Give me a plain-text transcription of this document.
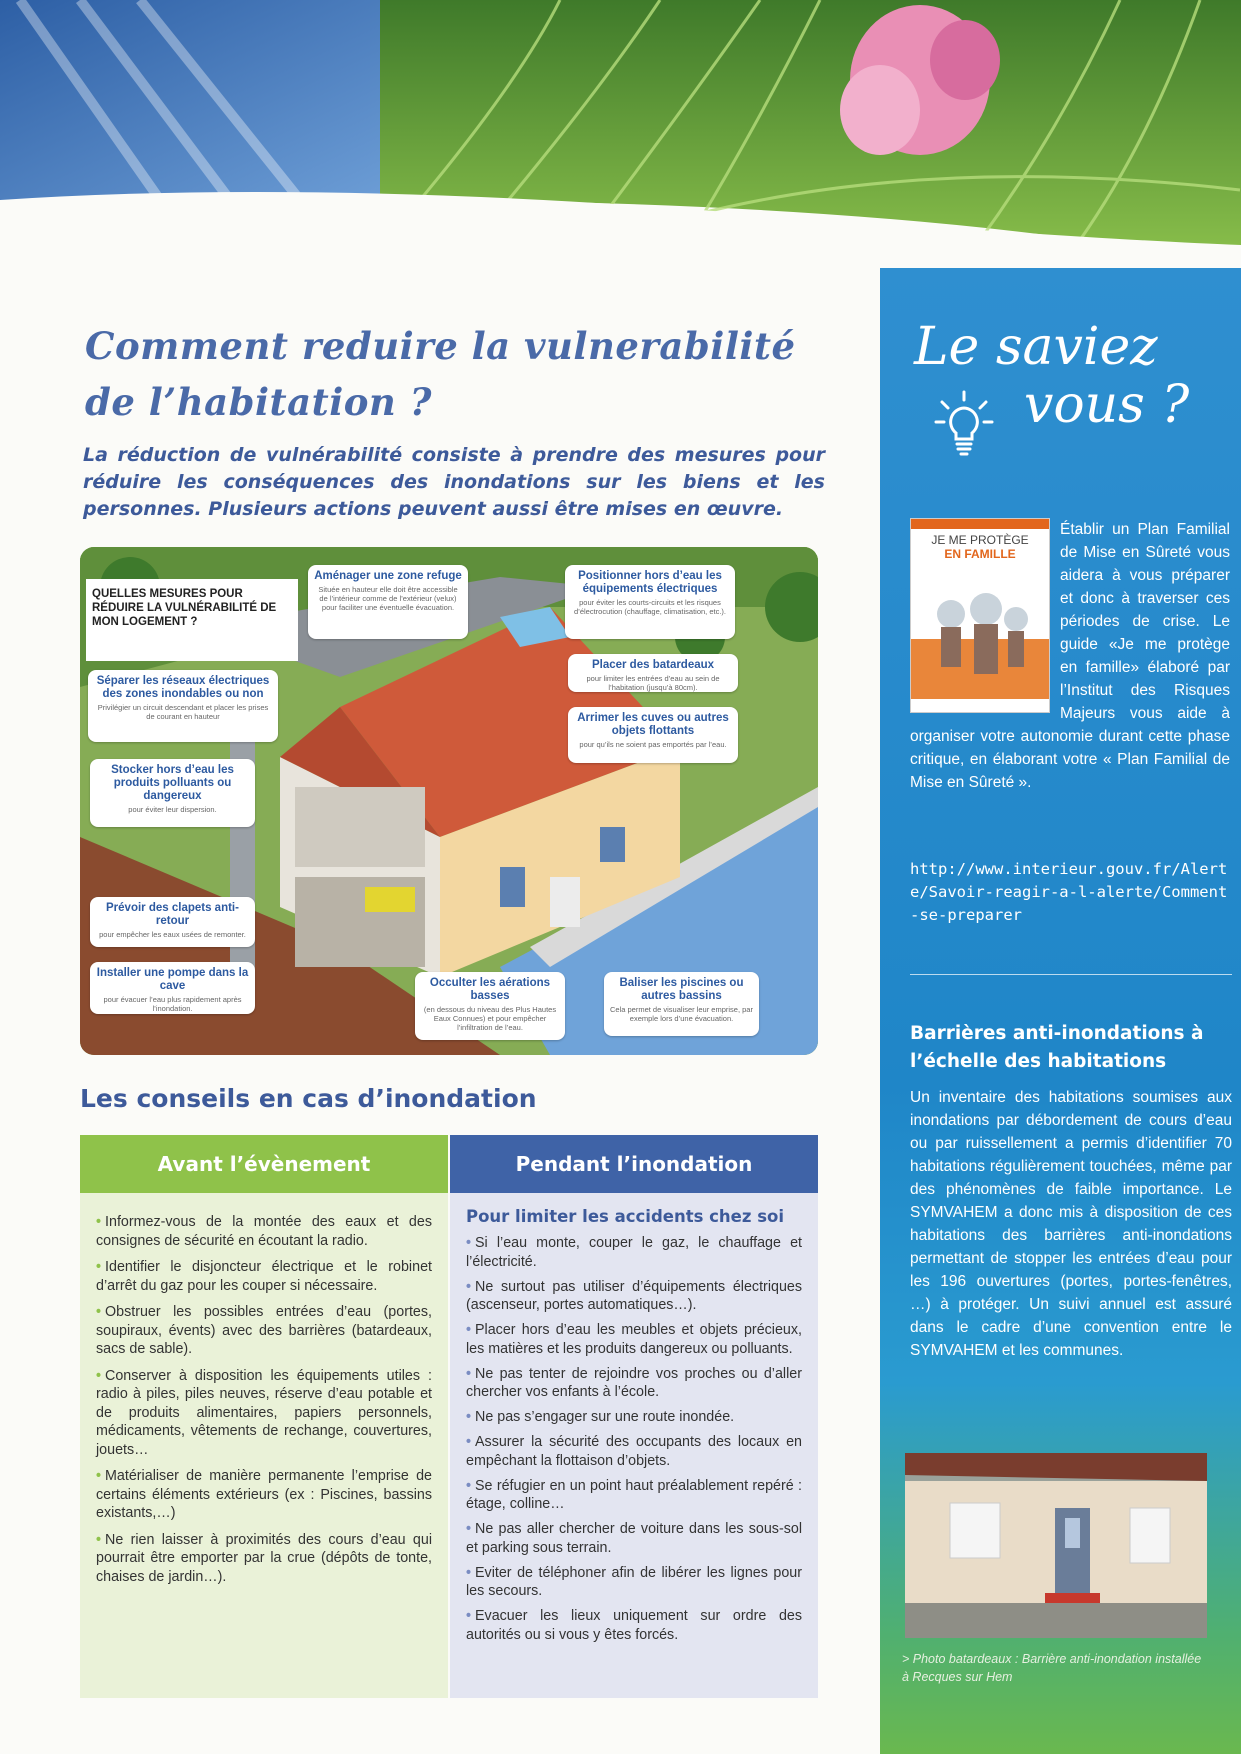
Comment reduire la vulnerabilité de l’habitation ?

La réduction de vulnérabilité consiste à prendre des mesures pour réduire les conséquences des inondations sur les biens et les personnes. Plusieurs actions peuvent aussi être mises en œuvre.

QUELLES MESURES POUR RÉDUIRE LA VULNÉRABILITÉ DE MON LOGEMENT ?
Aménager une zone refuge
Située en hauteur elle doit être accessible de l’intérieur comme de l’extérieur (velux) pour faciliter une éventuelle évacuation.
Positionner hors d’eau les équipements électriques
pour éviter les courts-circuits et les risques d’électrocution (chauffage, climatisation, etc.).
Séparer les réseaux électriques des zones inondables ou non
Privilégier un circuit descendant et placer les prises de courant en hauteur
Placer des batardeaux
pour limiter les entrées d’eau au sein de l’habitation (jusqu’à 80cm).
Arrimer les cuves ou autres objets flottants
pour qu’ils ne soient pas emportés par l’eau.
Stocker hors d’eau les produits polluants ou dangereux
pour éviter leur dispersion.
Prévoir des clapets anti-retour
pour empêcher les eaux usées de remonter.
Installer une pompe dans la cave
pour évacuer l’eau plus rapidement après l’inondation.
Occulter les aérations basses
(en dessous du niveau des Plus Hautes Eaux Connues) et pour empêcher l’infiltration de l’eau.
Baliser les piscines ou autres bassins
Cela permet de visualiser leur emprise, par exemple lors d’une évacuation.
Les conseils en cas d’inondation
Avant l’évènement	Pendant l’inondation
• Informez-vous de la montée des eaux et des consignes de sécurité en écoutant la radio.
• Identifier le disjoncteur électrique et le robinet d’arrêt du gaz pour les couper si nécessaire.
• Obstruer les possibles entrées d’eau (portes, soupiraux, évents) avec des barrières (batardeaux, sacs de sable).
• Conserver à disposition les équipements utiles : radio à piles, piles neuves, réserve d’eau potable et de produits alimentaires, papiers personnels, médicaments, vêtements de rechange, couvertures, jouets…
• Matérialiser de manière permanente l’emprise de certains éléments extérieurs (ex : Piscines, bassins existants,…)
• Ne rien laisser à proximités des cours d’eau qui pourrait être emporter par la crue (dépôts de tonte, chaises de jardin…).

Pour limiter les accidents chez soi

• Si l’eau monte, couper le gaz, le chauffage et l’électricité.
• Ne surtout pas utiliser d’équipements électriques (ascenseur, portes automatiques…).
• Placer hors d’eau les meubles et objets précieux, les matières et les produits dangereux ou polluants.
• Ne pas tenter de rejoindre vos proches ou d’aller chercher vos enfants à l’école.
• Ne pas s’engager sur une route inondée.
• Assurer la sécurité des occupants des locaux en empêchant la flottaison d’objets.
• Se réfugier en un point haut préalablement repéré : étage, colline…
• Ne pas aller chercher de voiture dans les sous-sol et parking sous terrain.
• Eviter de téléphoner afin de libérer les lignes pour les secours.
• Evacuer les lieux uniquement sur ordre des autorités ou si vous y êtes forcés.
Le saviez
vous ?
JE ME PROTÈGE
EN FAMILLE
Établir un Plan Familial de Mise en Sûreté vous aidera à vous préparer et donc à traverser ces périodes de crise. Le guide «Je me protège en famille» élaboré par l’Institut des Risques Majeurs vous aide à organiser votre autonomie durant cette phase critique, en élaborant votre « Plan Familial de Mise en Sûreté ».
http://www.interieur.gouv.fr/Alerte/Savoir-reagir-a-l-alerte/Comment-se-preparer
Barrières anti-inondations à l’échelle des habitations
Un inventaire des habitations soumises aux inondations par débordement de cours d’eau ou par ruissellement a permis d’identifier 70 habitations régulièrement touchées, même par des phénomènes de faible importance. Le SYMVAHEM a donc mis à disposition de ces habitations des barrières anti-inondations permettant de stopper les entrées d’eau pour les 196 ouvertures (portes, portes-fenêtres, …) à protéger. Un suivi annuel est assuré dans le cadre d’une convention entre le SYMVAHEM et les communes.
> Photo batardeaux : Barrière anti-inondation installée à Recques sur Hem
